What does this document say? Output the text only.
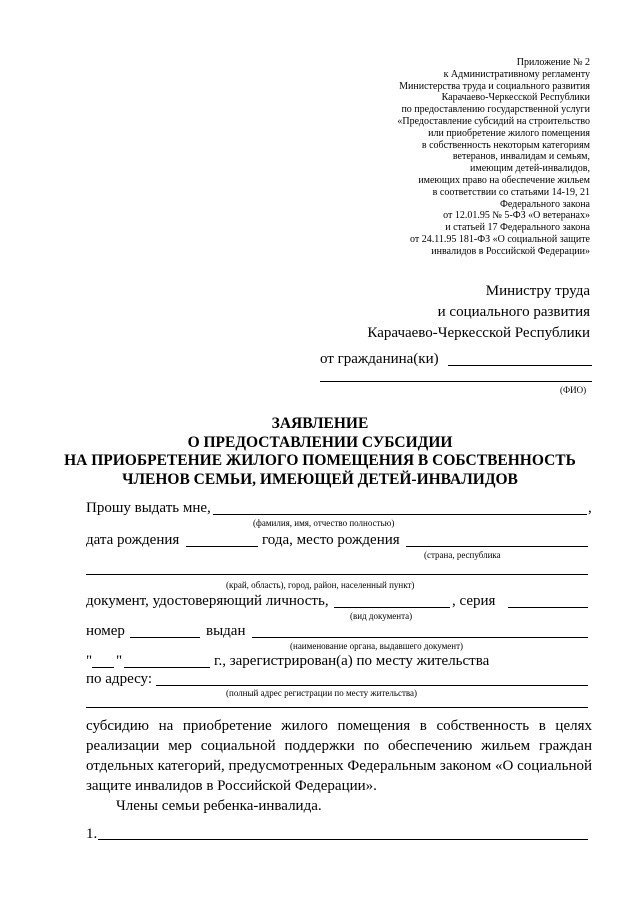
Приложение № 2
к Административному регламенту
Министерства труда и социального развития
Карачаево-Черкесской Республики
по предоставлению государственной услуги
«Предоставление субсидий на строительство
или приобретение жилого помещения
в собственность некоторым категориям
ветеранов, инвалидам и семьям,
имеющим детей-инвалидов,
имеющих право на обеспечение жильем
в соответствии со статьями 14-19, 21
Федерального закона
от 12.01.95 № 5-ФЗ «О ветеранах»
и статьей 17 Федерального закона
от 24.11.95 181-ФЗ «О социальной защите
инвалидов в Российской Федерации»
Министру труда
и социального развития
Карачаево-Черкесской Республики
от гражданина(ки)
(ФИО)
ЗАЯВЛЕНИЕ
О ПРЕДОСТАВЛЕНИИ СУБСИДИИ
НА ПРИОБРЕТЕНИЕ ЖИЛОГО ПОМЕЩЕНИЯ В СОБСТВЕННОСТЬ
ЧЛЕНОВ СЕМЬИ, ИМЕЮЩЕЙ ДЕТЕЙ-ИНВАЛИДОВ
Прошу выдать мне,	,
(фамилия, имя, отчество полностью)
дата рождения	года, место рождения
(страна, республика
(край, область), город, район, населенный пункт)
документ, удостоверяющий личность,	, серия
(вид документа)
номер	выдан
(наименование органа, выдавшего документ)
" "	г., зарегистрирован(а) по месту жительства
по адресу:
(полный адрес регистрации по месту жительства)
субсидию на приобретение жилого помещения в собственность в целях реализации мер социальной поддержки по обеспечению жильем граждан отдельных категорий, предусмотренных Федеральным законом «О социальной защите инвалидов в Российской Федерации».
Члены семьи ребенка-инвалида.
1.
